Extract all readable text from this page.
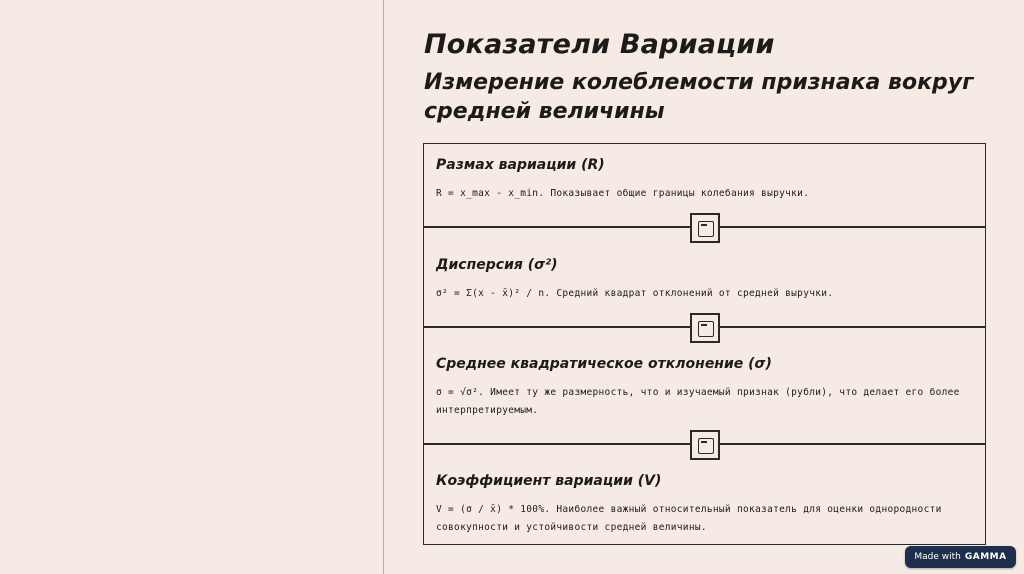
Показатели Вариации
Измерение колеблемости признака вокруг средней величины
Размах вариации (R)

R = x_max - x_min. Показывает общие границы колебания выручки.

Дисперсия (σ²)

σ² = Σ(x - x̄)² / n. Средний квадрат отклонений от средней выручки.

Среднее квадратическое отклонение (σ)

σ = √σ². Имеет ту же размерность, что и изучаемый признак (рубли), что делает его более интерпретируемым.

Коэффициент вариации (V)

V = (σ / x̄) * 100%. Наиболее важный относительный показатель для оценки однородности совокупности и устойчивости средней величины.

Made with GAMMA
